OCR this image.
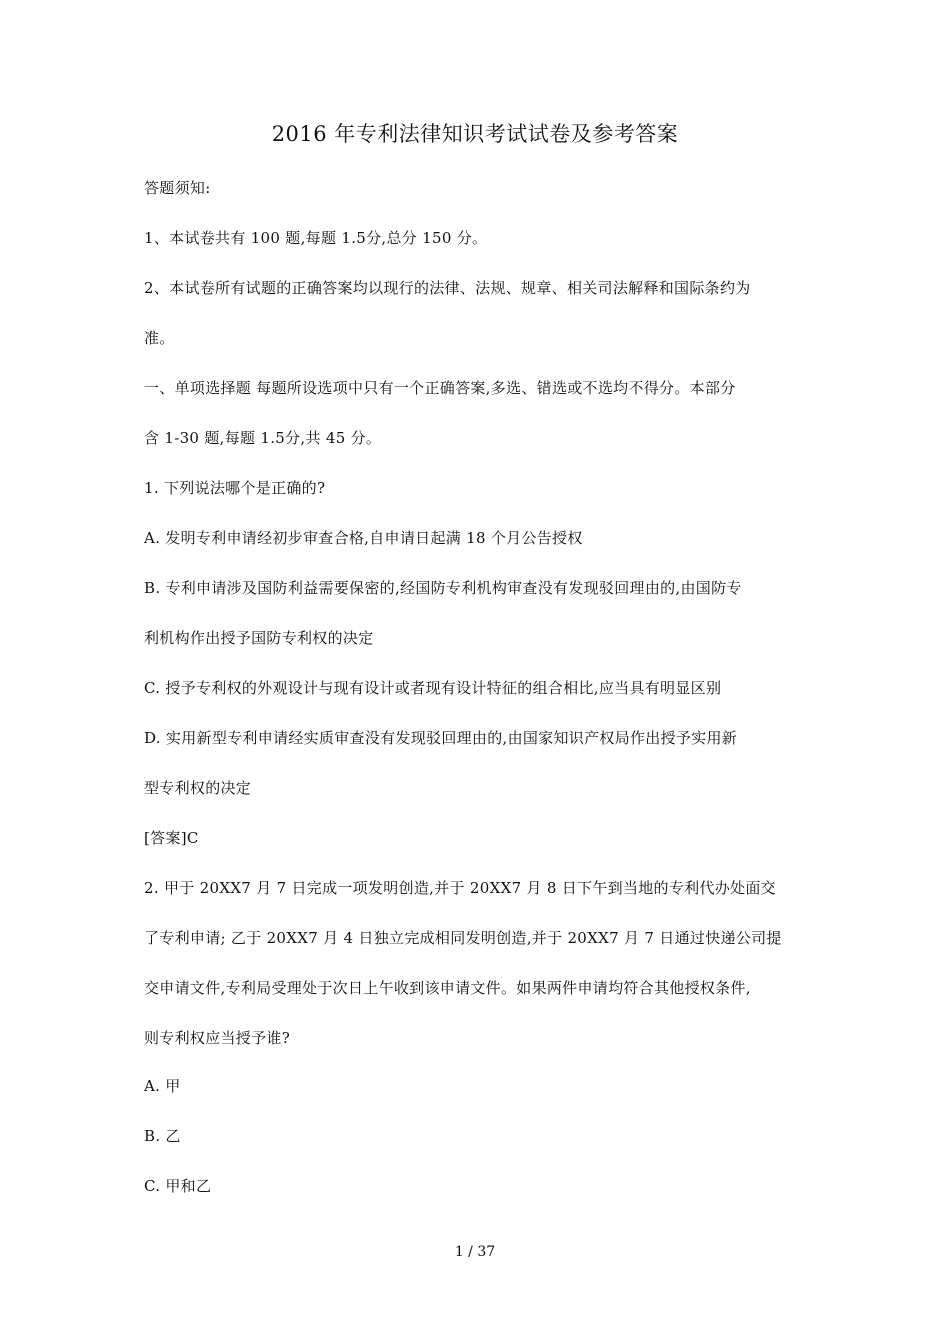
2016 年专利法律知识考试试卷及参考答案
答题须知:
1、本试卷共有 100 题,每题 1.5分,总分 150 分。
2、本试卷所有试题的正确答案均以现行的法律、法规、规章、相关司法解释和国际条约为
准。
一、单项选择题 每题所设选项中只有一个正确答案,多选、错选或不选均不得分。本部分
含 1-30 题,每题 1.5分,共 45 分。
1. 下列说法哪个是正确的?
A. 发明专利申请经初步审查合格,自申请日起满 18 个月公告授权
B. 专利申请涉及国防利益需要保密的,经国防专利机构审查没有发现驳回理由的,由国防专
利机构作出授予国防专利权的决定
C. 授予专利权的外观设计与现有设计或者现有设计特征的组合相比,应当具有明显区别
D. 实用新型专利申请经实质审查没有发现驳回理由的,由国家知识产权局作出授予实用新
型专利权的决定
[答案]C
2. 甲于 20XX7 月 7 日完成一项发明创造,并于 20XX7 月 8 日下午到当地的专利代办处面交
了专利申请; 乙于 20XX7 月 4 日独立完成相同发明创造,并于 20XX7 月 7 日通过快递公司提
交申请文件,专利局受理处于次日上午收到该申请文件。如果两件申请均符合其他授权条件,
则专利权应当授予谁?
A. 甲
B. 乙
C. 甲和乙
1 / 37
